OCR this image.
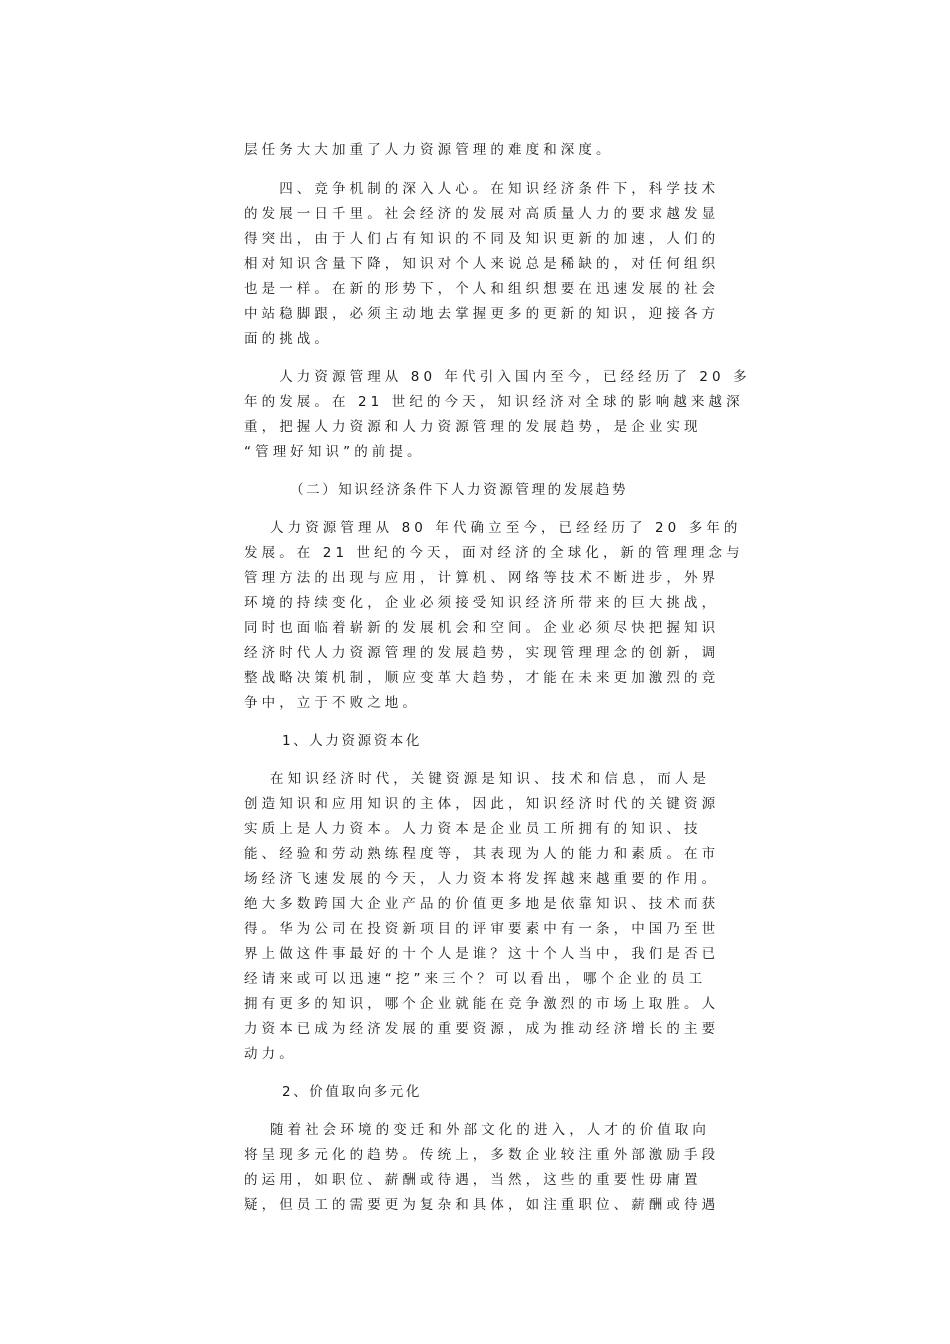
层任务大大加重了人力资源管理的难度和深度。
　　四、竞争机制的深入人心。在知识经济条件下，科学技术
的发展一日千里。社会经济的发展对高质量人力的要求越发显
得突出，由于人们占有知识的不同及知识更新的加速，人们的
相对知识含量下降，知识对个人来说总是稀缺的，对任何组织
也是一样。在新的形势下，个人和组织想要在迅速发展的社会
中站稳脚跟，必须主动地去掌握更多的更新的知识，迎接各方
面的挑战。
　　人力资源管理从 80 年代引入国内至今，已经经历了 20 多
年的发展。在 21 世纪的今天，知识经济对全球的影响越来越深
重，把握人力资源和人力资源管理的发展趋势，是企业实现
“管理好知识”的前提。
（二）知识经济条件下人力资源管理的发展趋势
　 人力资源管理从 80 年代确立至今，已经经历了 20 多年的
发展。在 21 世纪的今天，面对经济的全球化，新的管理理念与
管理方法的出现与应用，计算机、网络等技术不断进步，外界
环境的持续变化，企业必须接受知识经济所带来的巨大挑战，
同时也面临着崭新的发展机会和空间。企业必须尽快把握知识
经济时代人力资源管理的发展趋势，实现管理理念的创新，调
整战略决策机制，顺应变革大趋势，才能在未来更加激烈的竞
争中，立于不败之地。
1、人力资源资本化
　 在知识经济时代，关键资源是知识、技术和信息，而人是
创造知识和应用知识的主体，因此，知识经济时代的关键资源
实质上是人力资本。人力资本是企业员工所拥有的知识、技
能、经验和劳动熟练程度等，其表现为人的能力和素质。在市
场经济飞速发展的今天，人力资本将发挥越来越重要的作用。
绝大多数跨国大企业产品的价值更多地是依靠知识、技术而获
得。华为公司在投资新项目的评审要素中有一条，中国乃至世
界上做这件事最好的十个人是谁？这十个人当中，我们是否已
经请来或可以迅速“挖”来三个？可以看出，哪个企业的员工
拥有更多的知识，哪个企业就能在竞争激烈的市场上取胜。人
力资本已成为经济发展的重要资源，成为推动经济增长的主要
动力。
2、价值取向多元化
　 随着社会环境的变迁和外部文化的进入，人才的价值取向
将呈现多元化的趋势。传统上，多数企业较注重外部激励手段
的运用，如职位、薪酬或待遇，当然，这些的重要性毋庸置
疑，但员工的需要更为复杂和具体，如注重职位、薪酬或待遇
